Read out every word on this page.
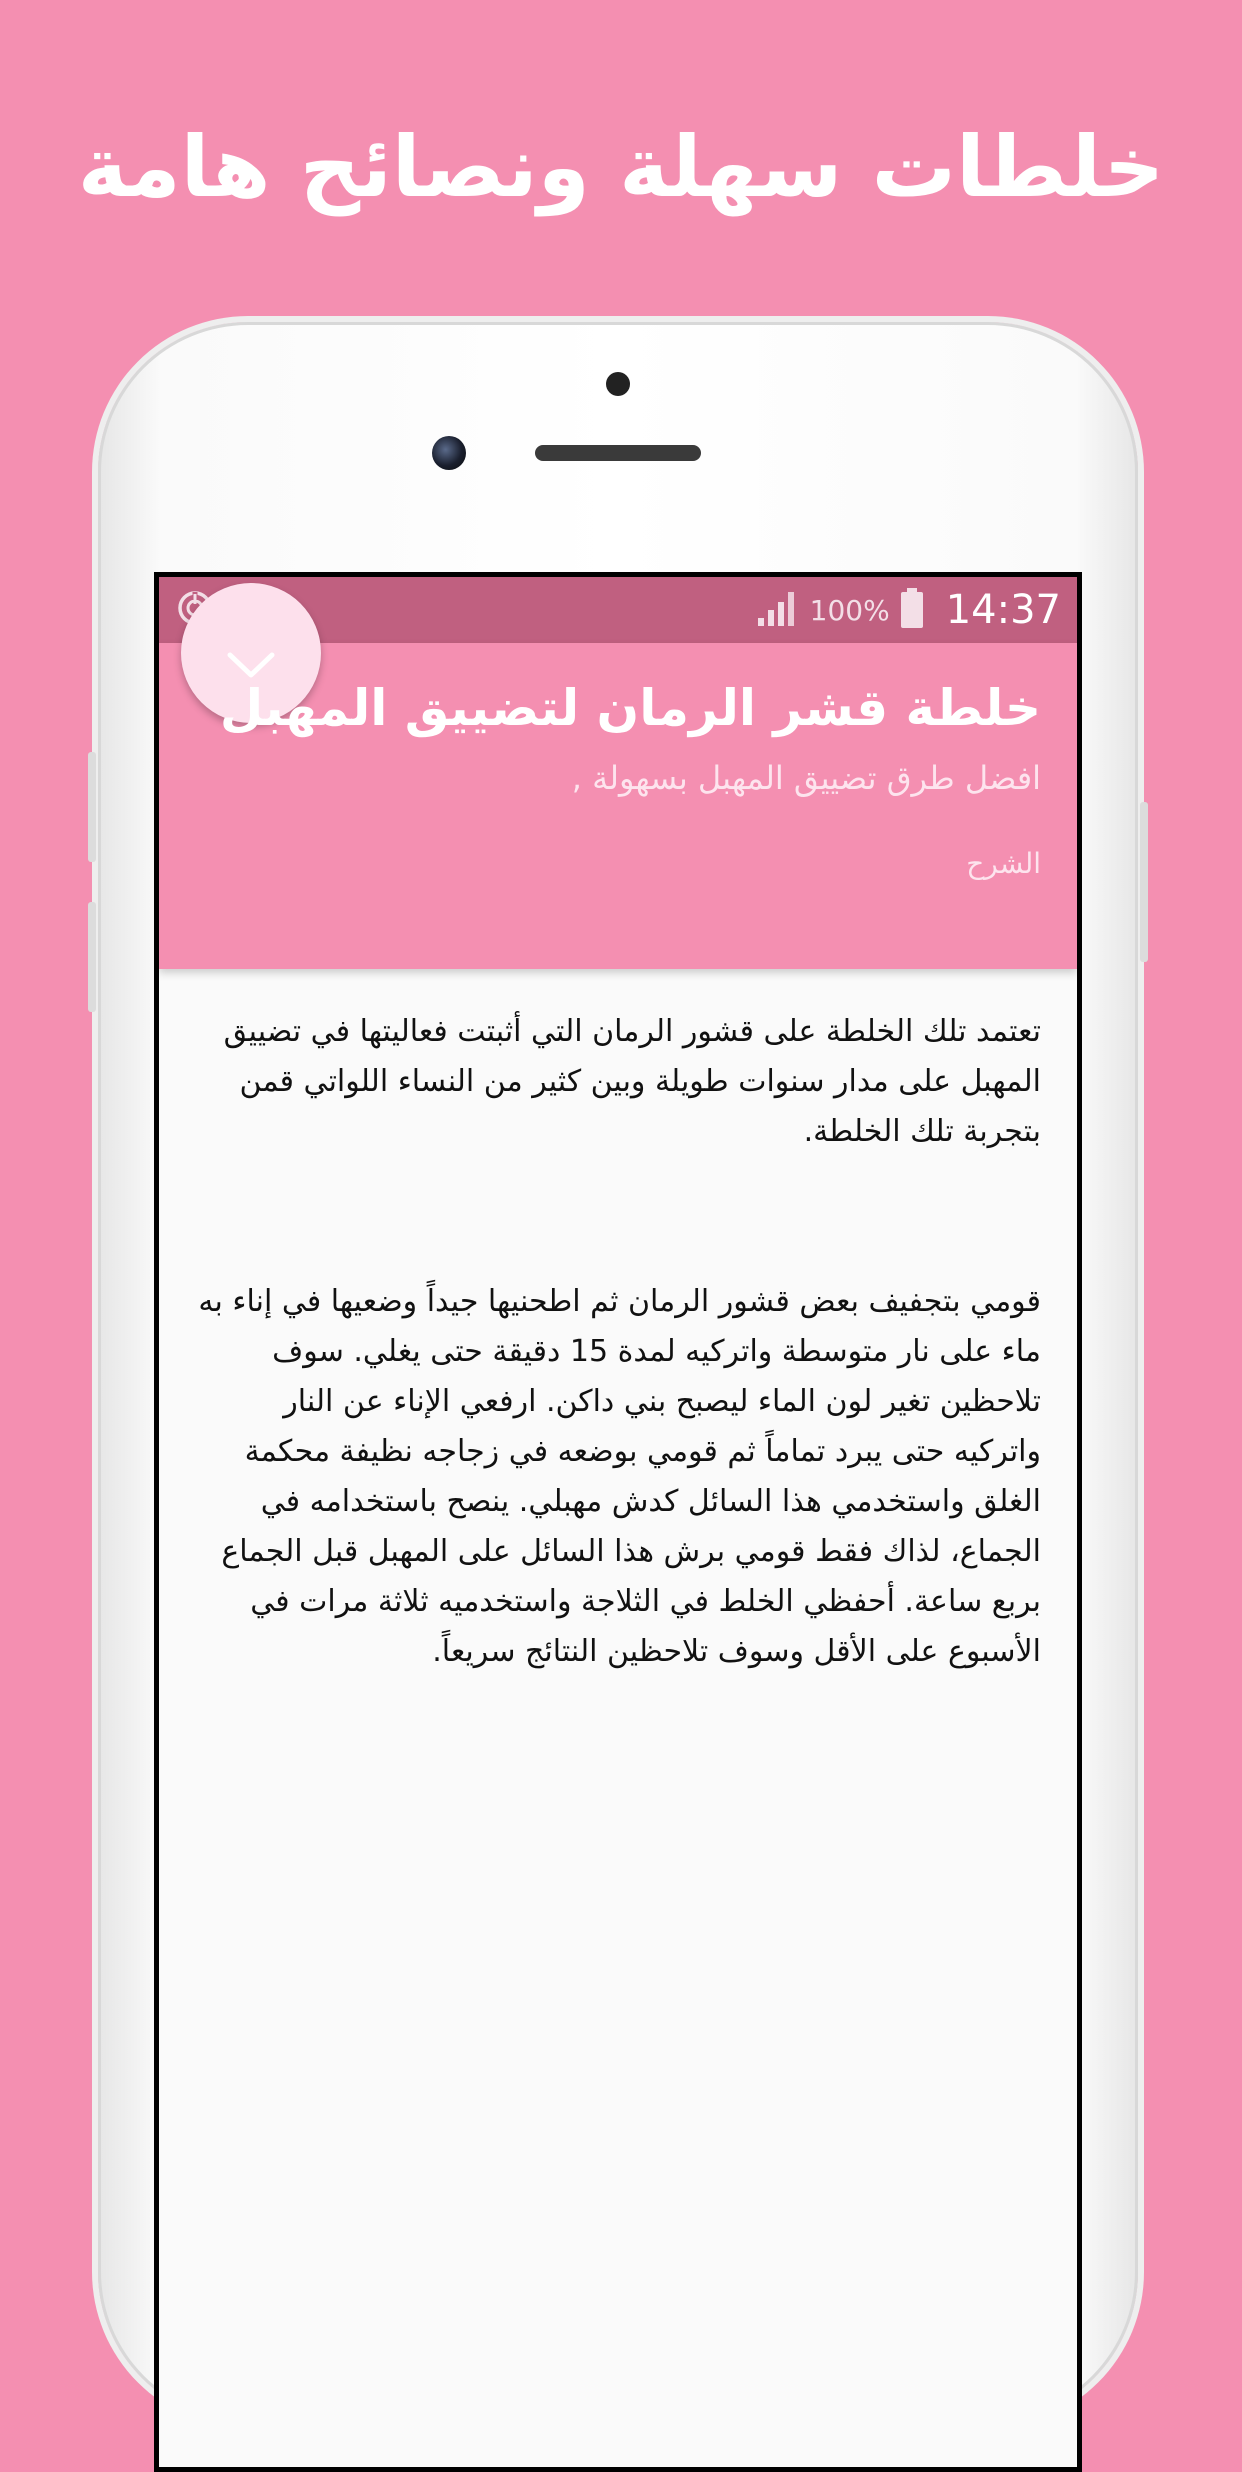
خلطات سهلة ونصائح هامة
100% 14:37
خلطة قشر الرمان لتضييق المهبل
افضل طرق تضييق المهبل بسهولة ,
الشرح

تعتمد تلك الخلطة على قشور الرمان التي أثبتت فعاليتها في تضييق المهبل على مدار سنوات طويلة وبين كثير من النساء اللواتي قمن بتجربة تلك الخلطة.

قومي بتجفيف بعض قشور الرمان ثم اطحنيها جيداً وضعيها في إناء به ماء على نار متوسطة واتركيه لمدة 15 دقيقة حتى يغلي. سوف تلاحظين تغير لون الماء ليصبح بني داكن. ارفعي الإناء عن النار واتركيه حتى يبرد تماماً ثم قومي بوضعه في زجاجه نظيفة محكمة الغلق واستخدمي هذا السائل كدش مهبلي. ينصح باستخدامه في الجماع، لذاك فقط قومي برش هذا السائل على المهبل قبل الجماع بربع ساعة. أحفظي الخلط في الثلاجة واستخدميه ثلاثة مرات في الأسبوع على الأقل وسوف تلاحظين النتائج سريعاً.
